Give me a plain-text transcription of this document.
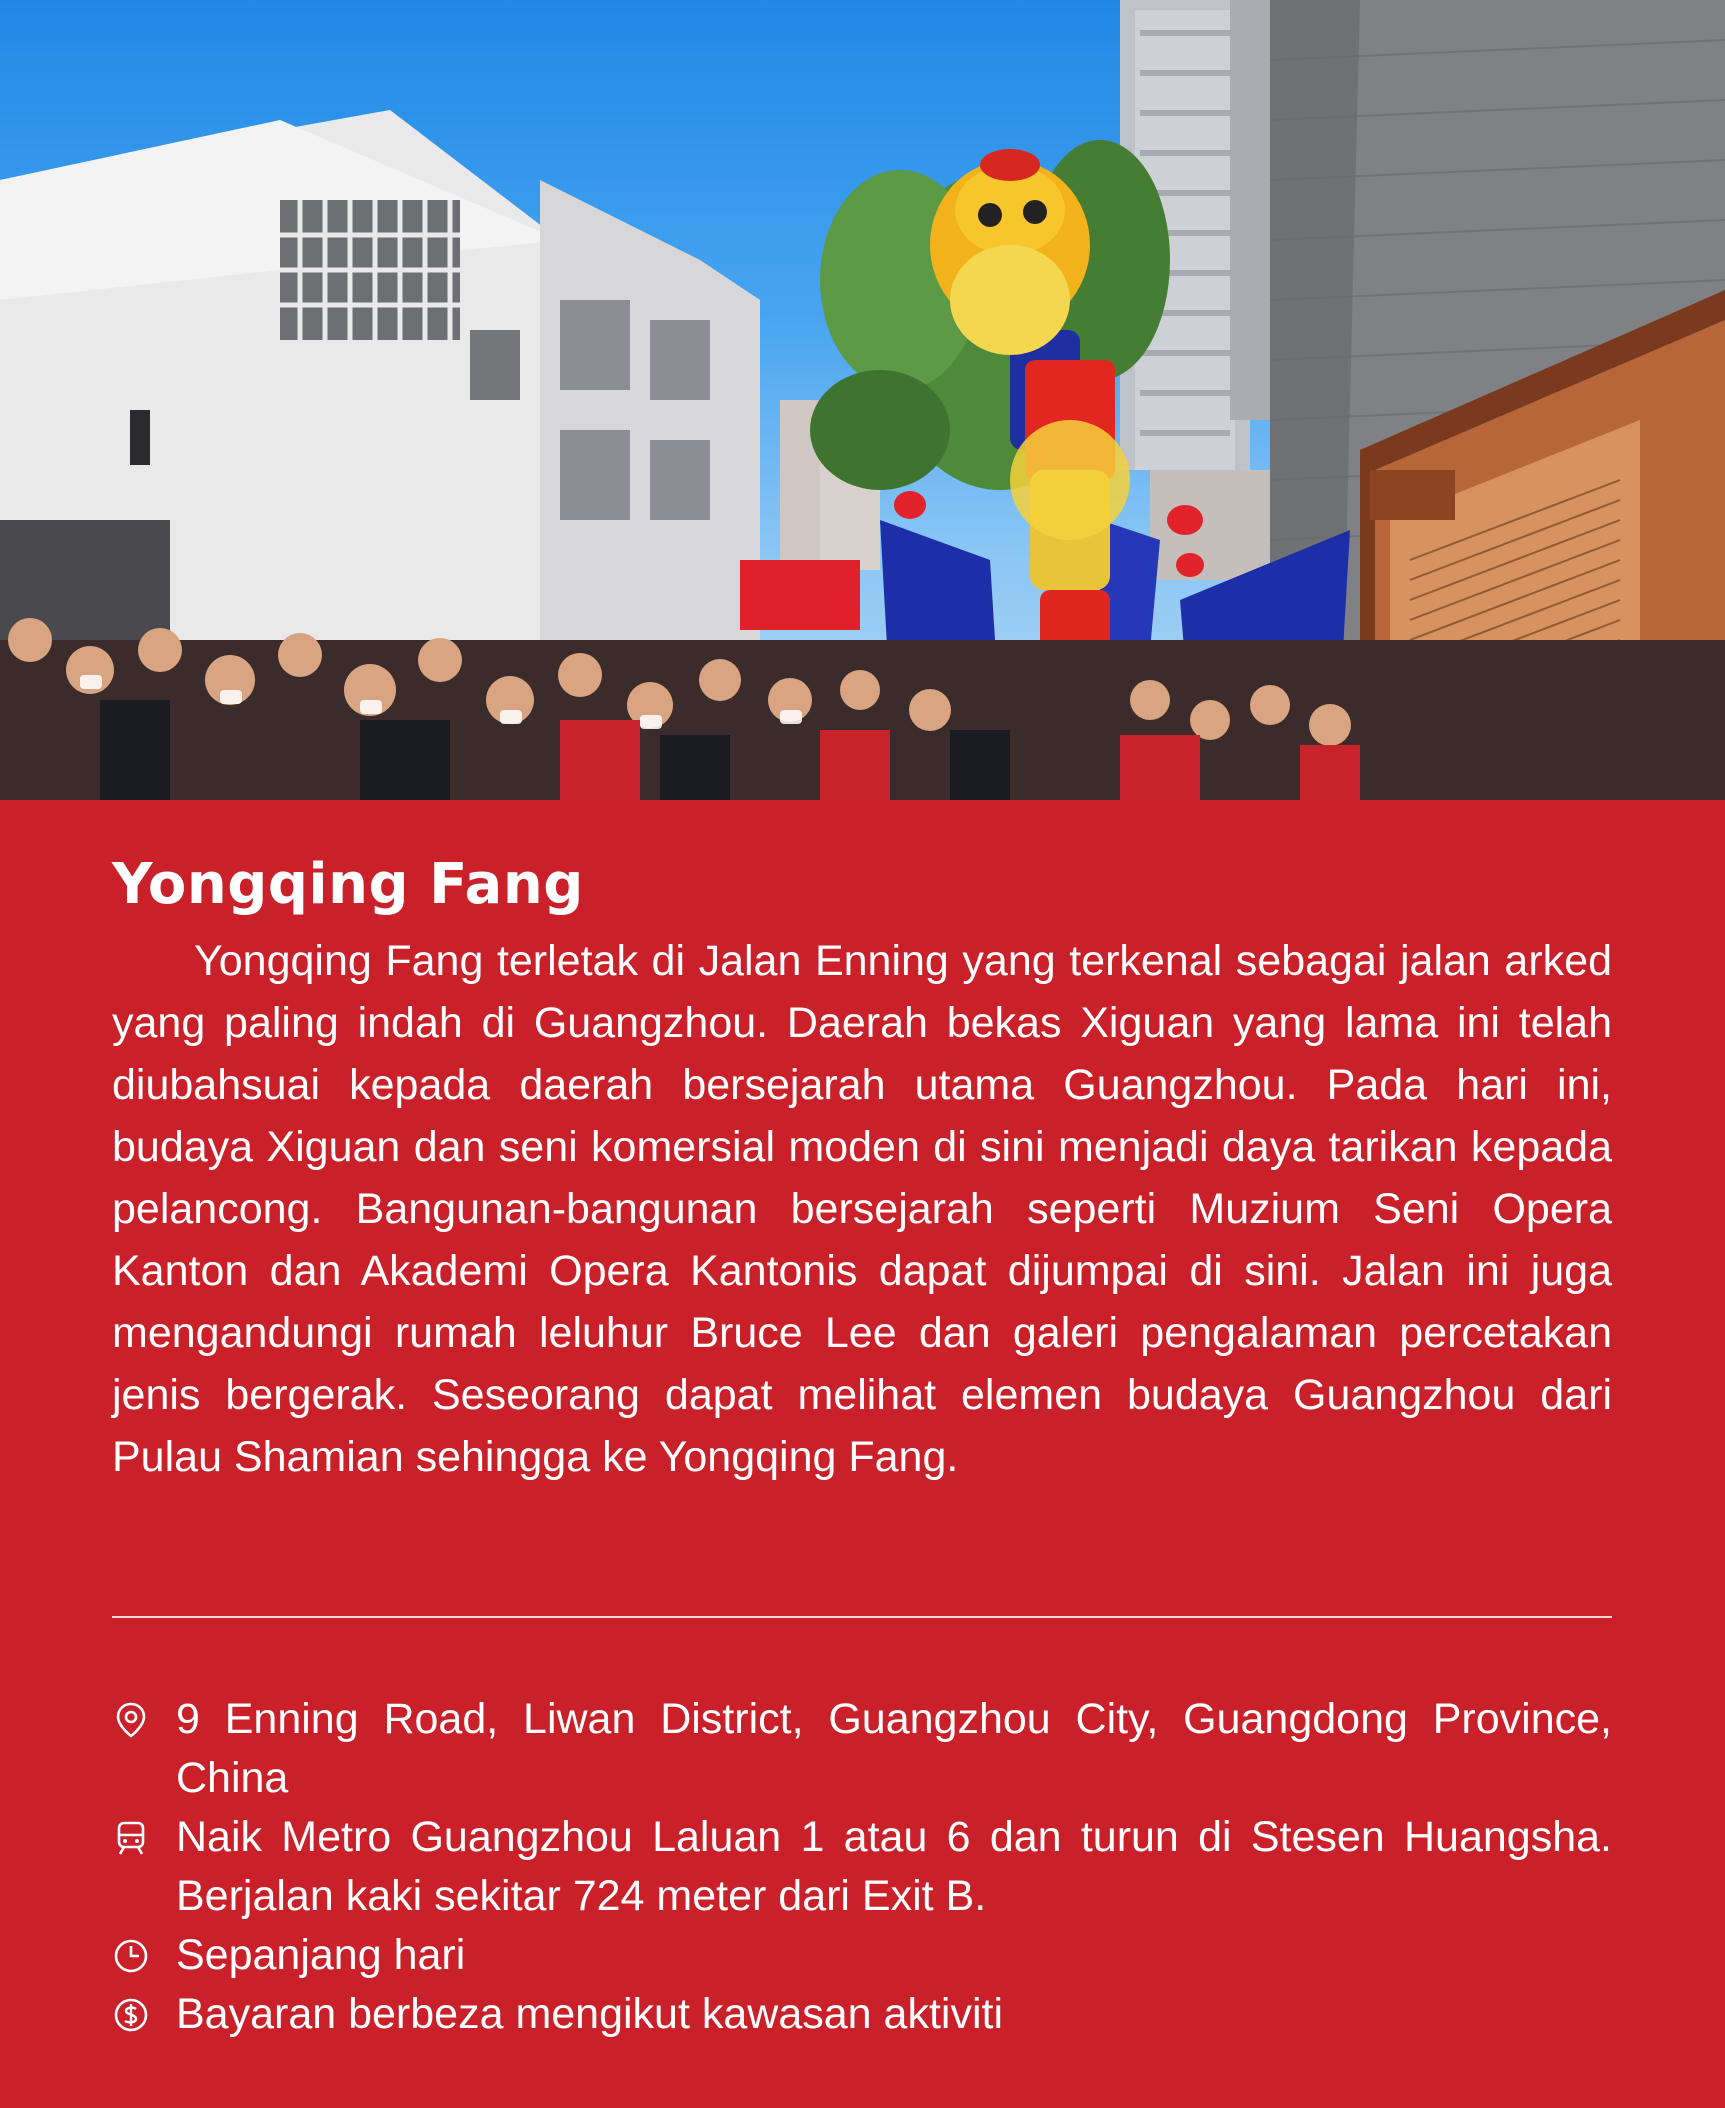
Yongqing Fang

Yongqing Fang terletak di Jalan Enning yang terkenal sebagai jalan arked yang paling indah di Guangzhou. Daerah bekas Xiguan yang lama ini telah diubahsuai kepada daerah bersejarah utama Guangzhou. Pada hari ini, budaya Xiguan dan seni komersial moden di sini menjadi daya tarikan kepada pelancong. Bangunan-bangunan bersejarah seperti Muzium Seni Opera Kanton dan Akademi Opera Kantonis dapat dijumpai di sini. Jalan ini juga mengandungi rumah leluhur Bruce Lee dan galeri pengalaman percetakan jenis bergerak. Seseorang dapat melihat elemen budaya Guangzhou dari Pulau Shamian sehingga ke Yongqing Fang.

9 Enning Road, Liwan District, Guangzhou City, Guangdong Province, China
Naik Metro Guangzhou Laluan 1 atau 6 dan turun di Stesen Huangsha. Berjalan kaki sekitar 724 meter dari Exit B.
Sepanjang hari
Bayaran berbeza mengikut kawasan aktiviti
